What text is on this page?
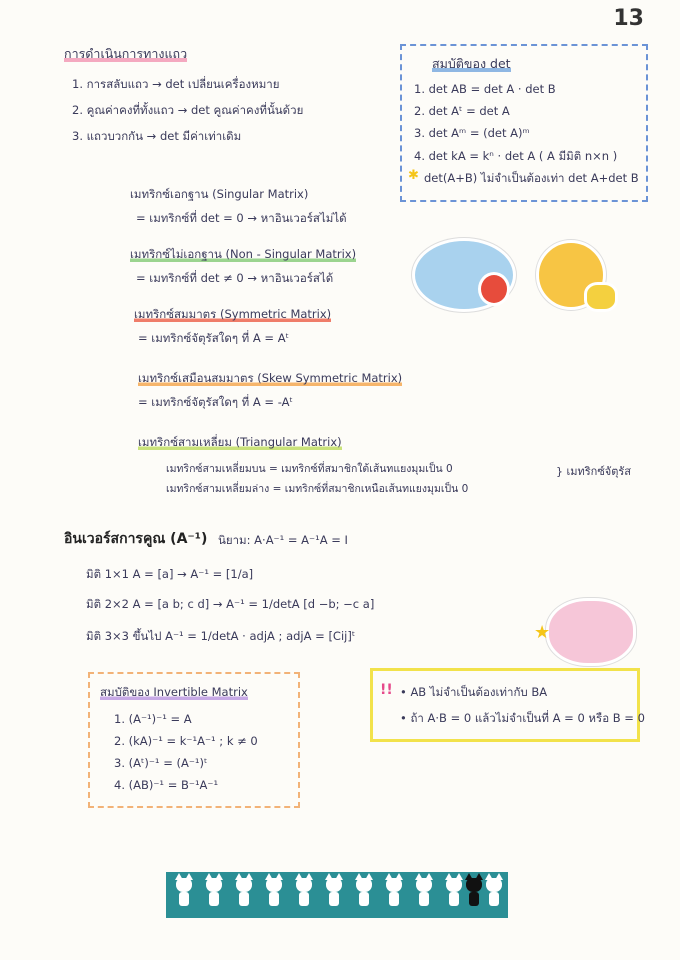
13
การดำเนินการทางแถว
1. การสลับแถว → det เปลี่ยนเครื่องหมาย
2. คูณค่าคงที่ทั้งแถว → det คูณค่าคงที่นั้นด้วย
3. แถวบวกกัน → det มีค่าเท่าเดิม
สมบัติของ det
1. det AB = det A · det B
2. det Aᵗ = det A
3. det Aᵐ = (det A)ᵐ
4. det kA = kⁿ · det A ( A มีมิติ n×n )
✱ det(A+B) ไม่จำเป็นต้องเท่า det A+det B
เมทริกซ์เอกฐาน (Singular Matrix)
= เมทริกซ์ที่ det = 0 → หาอินเวอร์สไม่ได้
เมทริกซ์ไม่เอกฐาน (Non - Singular Matrix)
= เมทริกซ์ที่ det ≠ 0 → หาอินเวอร์สได้
เมทริกซ์สมมาตร (Symmetric Matrix)
= เมทริกซ์จัตุรัสใดๆ ที่ A = Aᵗ
เมทริกซ์เสมือนสมมาตร (Skew Symmetric Matrix)
= เมทริกซ์จัตุรัสใดๆ ที่ A = -Aᵗ
เมทริกซ์สามเหลี่ยม (Triangular Matrix)
เมทริกซ์สามเหลี่ยมบน = เมทริกซ์ที่สมาชิกใต้เส้นทแยงมุมเป็น 0
เมทริกซ์สามเหลี่ยมล่าง = เมทริกซ์ที่สมาชิกเหนือเส้นทแยงมุมเป็น 0
} เมทริกซ์จัตุรัส
อินเวอร์สการคูณ (A⁻¹) นิยาม: A·A⁻¹ = A⁻¹A = I
มิติ 1×1 A = [a] → A⁻¹ = [1/a]
มิติ 2×2 A = [a b; c d] → A⁻¹ = 1/detA [d −b; −c a]
มิติ 3×3 ขึ้นไป A⁻¹ = 1/detA · adjA ; adjA = [Cij]ᵗ	★
สมบัติของ Invertible Matrix
1. (A⁻¹)⁻¹ = A
2. (kA)⁻¹ = k⁻¹A⁻¹ ; k ≠ 0
3. (Aᵗ)⁻¹ = (A⁻¹)ᵗ
4. (AB)⁻¹ = B⁻¹A⁻¹
!! • AB ไม่จำเป็นต้องเท่ากับ BA
• ถ้า A·B = 0 แล้วไม่จำเป็นที่ A = 0 หรือ B = 0
